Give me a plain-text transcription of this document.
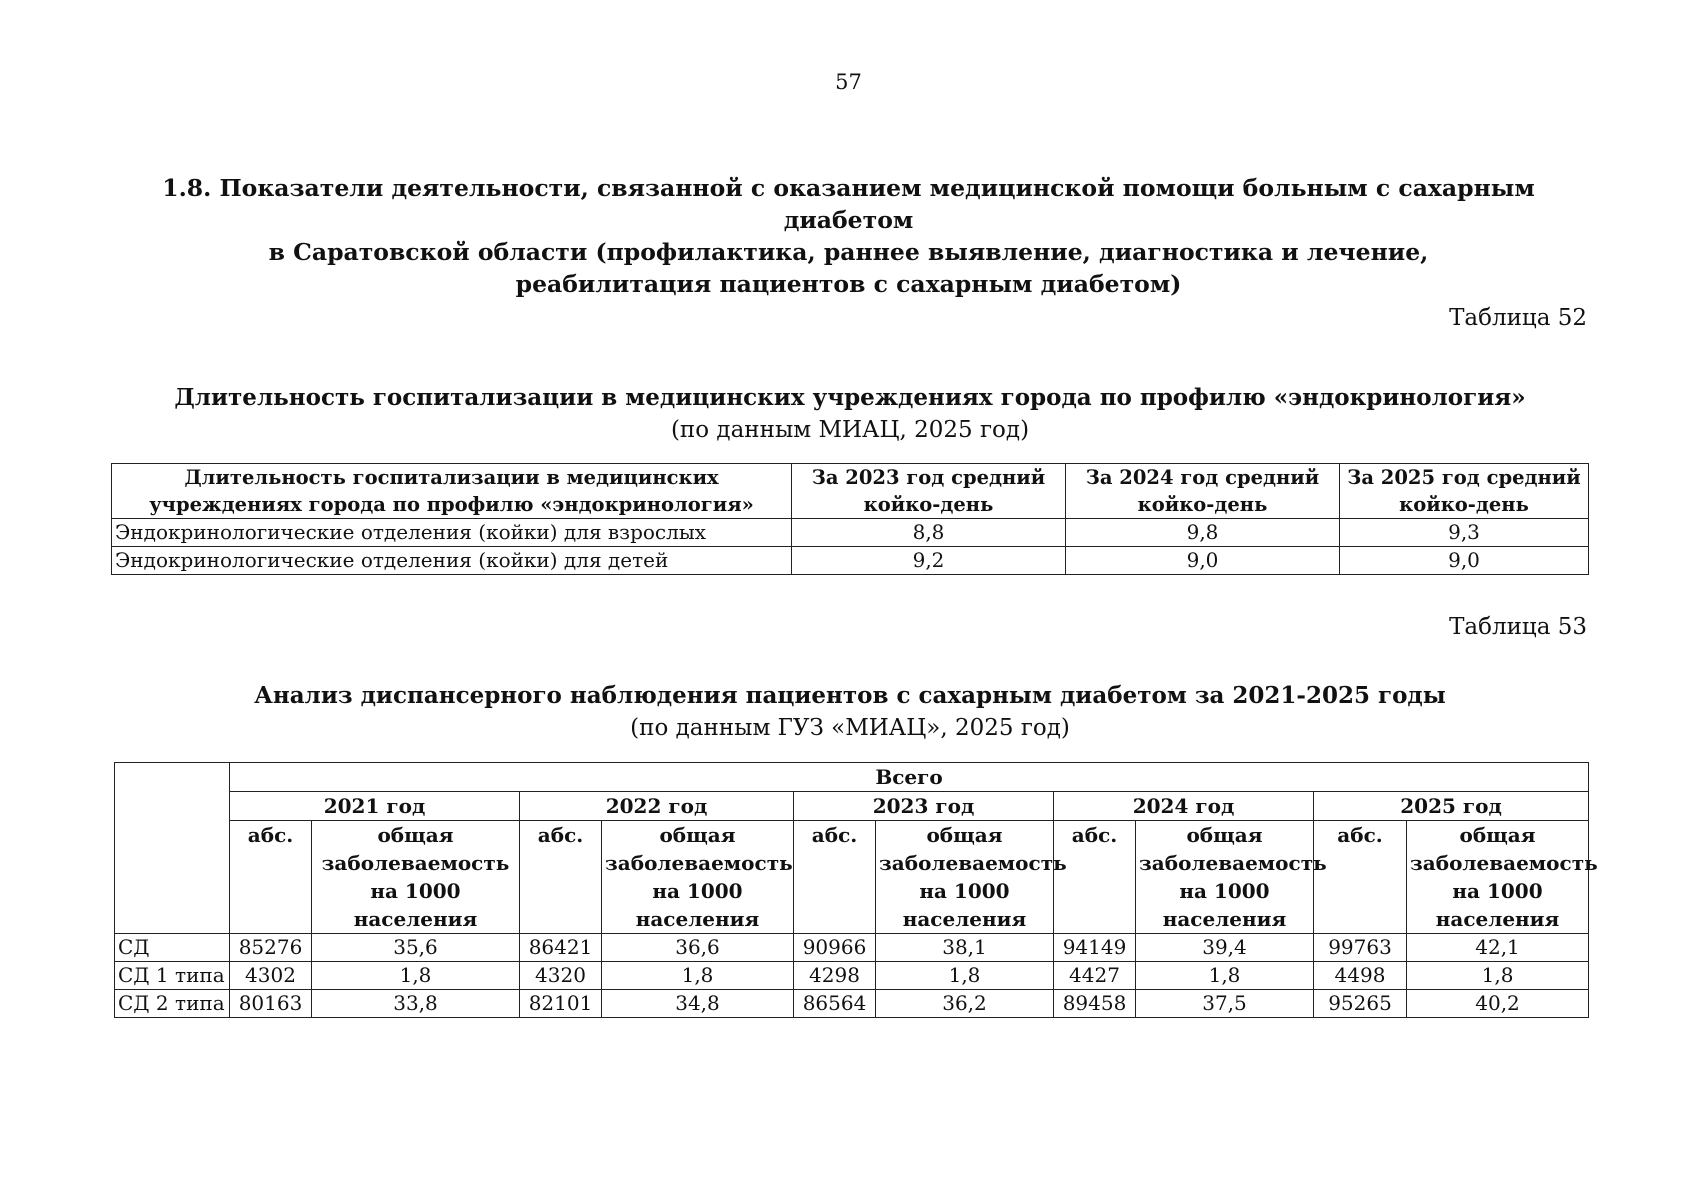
57
1.8. Показатели деятельности, связанной с оказанием медицинской помощи больным с сахарным диабетом
в Саратовской области (профилактика, раннее выявление, диагностика и лечение,
реабилитация пациентов с сахарным диабетом)
Таблица 52
Длительность госпитализации в медицинских учреждениях города по профилю «эндокринология»
(по данным МИАЦ, 2025 год)
Длительность госпитализации в медицинских учреждениях города по профилю «эндокринология»	За 2023 год средний койко-день	За 2024 год средний койко-день	За 2025 год средний койко-день
Эндокринологические отделения (койки) для взрослых	8,8	9,8	9,3
Эндокринологические отделения (койки) для детей	9,2	9,0	9,0
Таблица 53
Анализ диспансерного наблюдения пациентов с сахарным диабетом за 2021-2025 годы
(по данным ГУЗ «МИАЦ», 2025 год)
	Всего									
	2021 год		2022 год		2023 год		2024 год		2025 год	
	абс.	общая заболеваемость на 1000 населения	абс.	общая заболеваемость на 1000 населения	абс.	общая заболеваемость на 1000 населения	абс.	общая заболеваемость на 1000 населения	абс.	общая заболеваемость на 1000 населения
СД	85276	35,6	86421	36,6	90966	38,1	94149	39,4	99763	42,1
СД 1 типа	4302	1,8	4320	1,8	4298	1,8	4427	1,8	4498	1,8
СД 2 типа	80163	33,8	82101	34,8	86564	36,2	89458	37,5	95265	40,2
